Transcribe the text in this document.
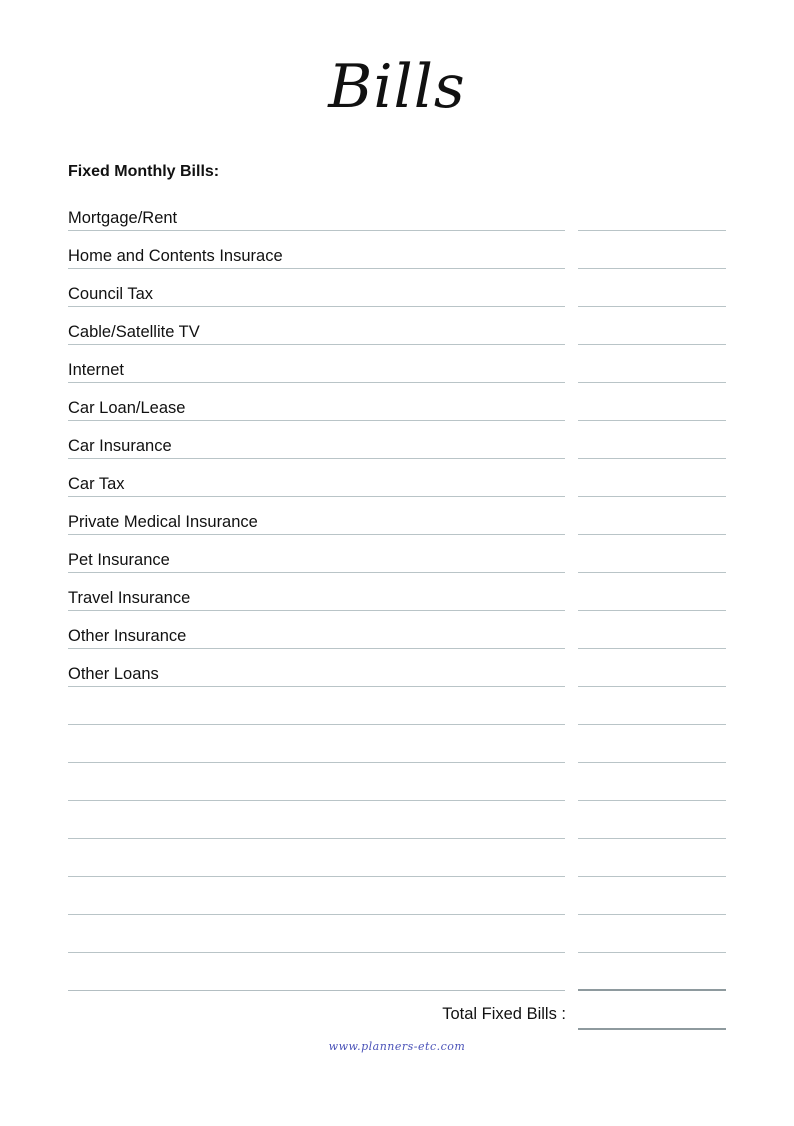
Bills
Fixed Monthly Bills:
Mortgage/Rent
Home and Contents Insurace
Council Tax
Cable/Satellite TV
Internet
Car Loan/Lease
Car Insurance
Car Tax
Private Medical Insurance
Pet Insurance
Travel Insurance
Other Insurance
Other Loans
Total Fixed Bills :
www.planners-etc.com
